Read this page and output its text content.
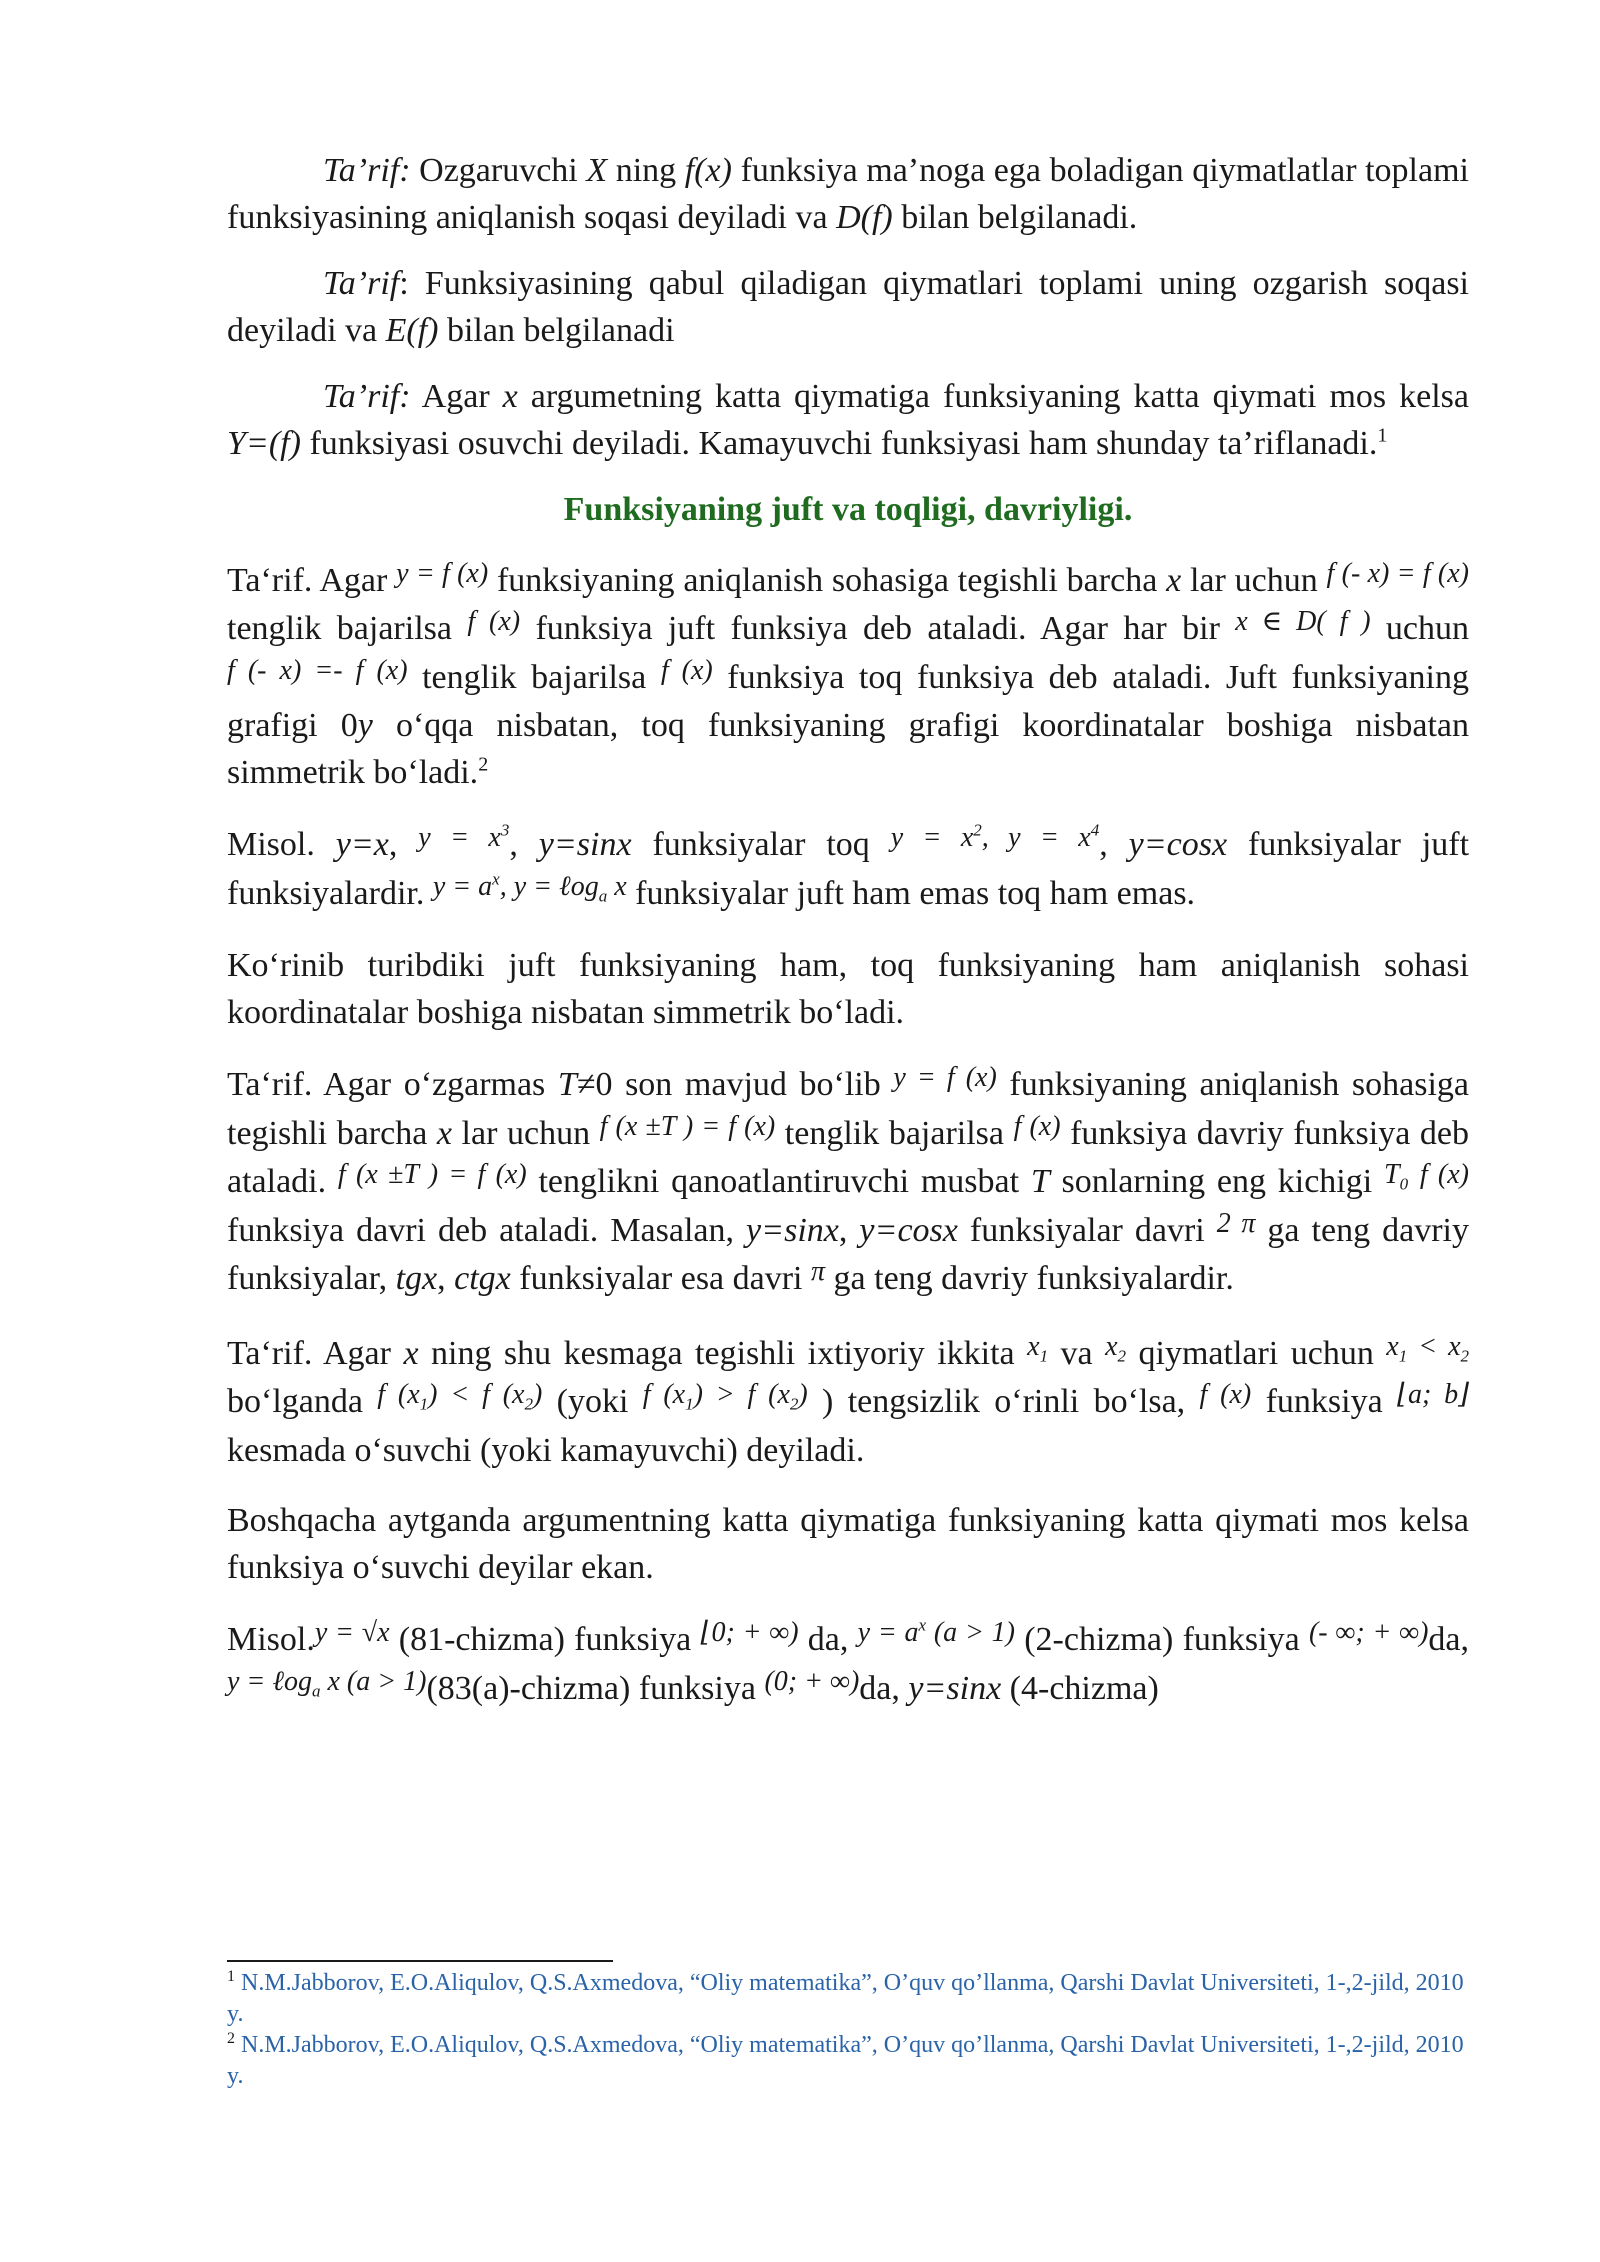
Ta’rif: Ozgaruvchi X ning f(x) funksiya ma’noga ega boladigan qiymatlatlar toplami funksiyasining aniqlanish soqasi deyiladi va D(f) bilan belgilanadi.

Ta’rif: Funksiyasining qabul qiladigan qiymatlari toplami uning ozgarish soqasi deyiladi va E(f) bilan belgilanadi

Ta’rif: Agar x argumetning katta qiymatiga funksiyaning katta qiymati mos kelsa Y=(f) funksiyasi osuvchi deyiladi. Kamayuvchi funksiyasi ham shunday ta’riflanadi.$^1$

Funksiyaning juft va toqligi, davriyligi.

Ta‘rif. Agar $^{y = f (x)}$ funksiyaning aniqlanish sohasiga tegishli barcha x lar uchun $^{f (- x) = f (x)}$ tenglik bajarilsa $^{f (x)}$ funksiya juft funksiya deb ataladi. Agar har bir $^{x \in D( f )}$ uchun $^{f (- x) =- f (x)}$ tenglik bajarilsa $^{f (x)}$ funksiya toq funksiya deb ataladi. Juft funksiyaning grafigi 0y o‘qqa nisbatan, toq funksiyaning grafigi koordinatalar boshiga nisbatan simmetrik bo‘ladi.$^2$

Misol. y=x, $^{y = x^3}$, y=sinx funksiyalar toq $^{y = x^2, y = x^4}$, y=cosx funksiyalar juft funksiyalardir. $^{y = a^x, y = \ell og_a x}$ funksiyalar juft ham emas toq ham emas.

Ko‘rinib turibdiki juft funksiyaning ham, toq funksiyaning ham aniqlanish sohasi koordinatalar boshiga nisbatan simmetrik bo‘ladi.

Ta‘rif. Agar o‘zgarmas T≠0 son mavjud bo‘lib $^{y = f (x)}$ funksiyaning aniqlanish sohasiga tegishli barcha x lar uchun $^{f (x \pm T ) = f (x)}$ tenglik bajarilsa $^{f (x)}$ funksiya davriy funksiya deb ataladi. $^{f (x \pm T ) = f (x)}$ tenglikni qanoatlantiruvchi musbat T sonlarning eng kichigi $^{T_0}$ $^{f (x)}$ funksiya davri deb ataladi. Masalan, y=sinx, y=cosx funksiyalar davri $^{2 \pi}$ ga teng davriy funksiyalar, tgx, ctgx funksiyalar esa davri $^\pi$ ga teng davriy funksiyalardir.

Ta‘rif. Agar x ning shu kesmaga tegishli ixtiyoriy ikkita $^{x_1}$ va $^{x_2}$ qiymatlari uchun $^{x_1 < x_2}$ bo‘lganda $^{f (x_1) < f (x_2)}$ (yoki $^{f (x_1) > f (x_2)}$ ) tengsizlik o‘rinli bo‘lsa, $^{f (x)}$ funksiya $^{⌊a; b⌋}$ kesmada o‘suvchi (yoki kamayuvchi) deyiladi.

Boshqacha aytganda argumentning katta qiymatiga funksiyaning katta qiymati mos kelsa funksiya o‘suvchi deyilar ekan.

Misol.$^{y = √x}$ (81-chizma) funksiya $^{⌊0; + \infty)}$ da, $^{y = a^x (a > 1)}$ (2-chizma) funksiya (- ∞; + ∞)da, $^{y = \ell og_a x (a > 1)}$(83(a)-chizma) funksiya $^{(0; + \infty)}$da, y=sinx (4-chizma)

$^1$ N.M.Jabborov, E.O.Aliqulov, Q.S.Axmedova, “Oliy matematika”, O’quv qo’llanma, Qarshi Davlat Universiteti, 1-,2-jild, 2010 y.
$^2$ N.M.Jabborov, E.O.Aliqulov, Q.S.Axmedova, “Oliy matematika”, O’quv qo’llanma, Qarshi Davlat Universiteti, 1-,2-jild, 2010 y.
